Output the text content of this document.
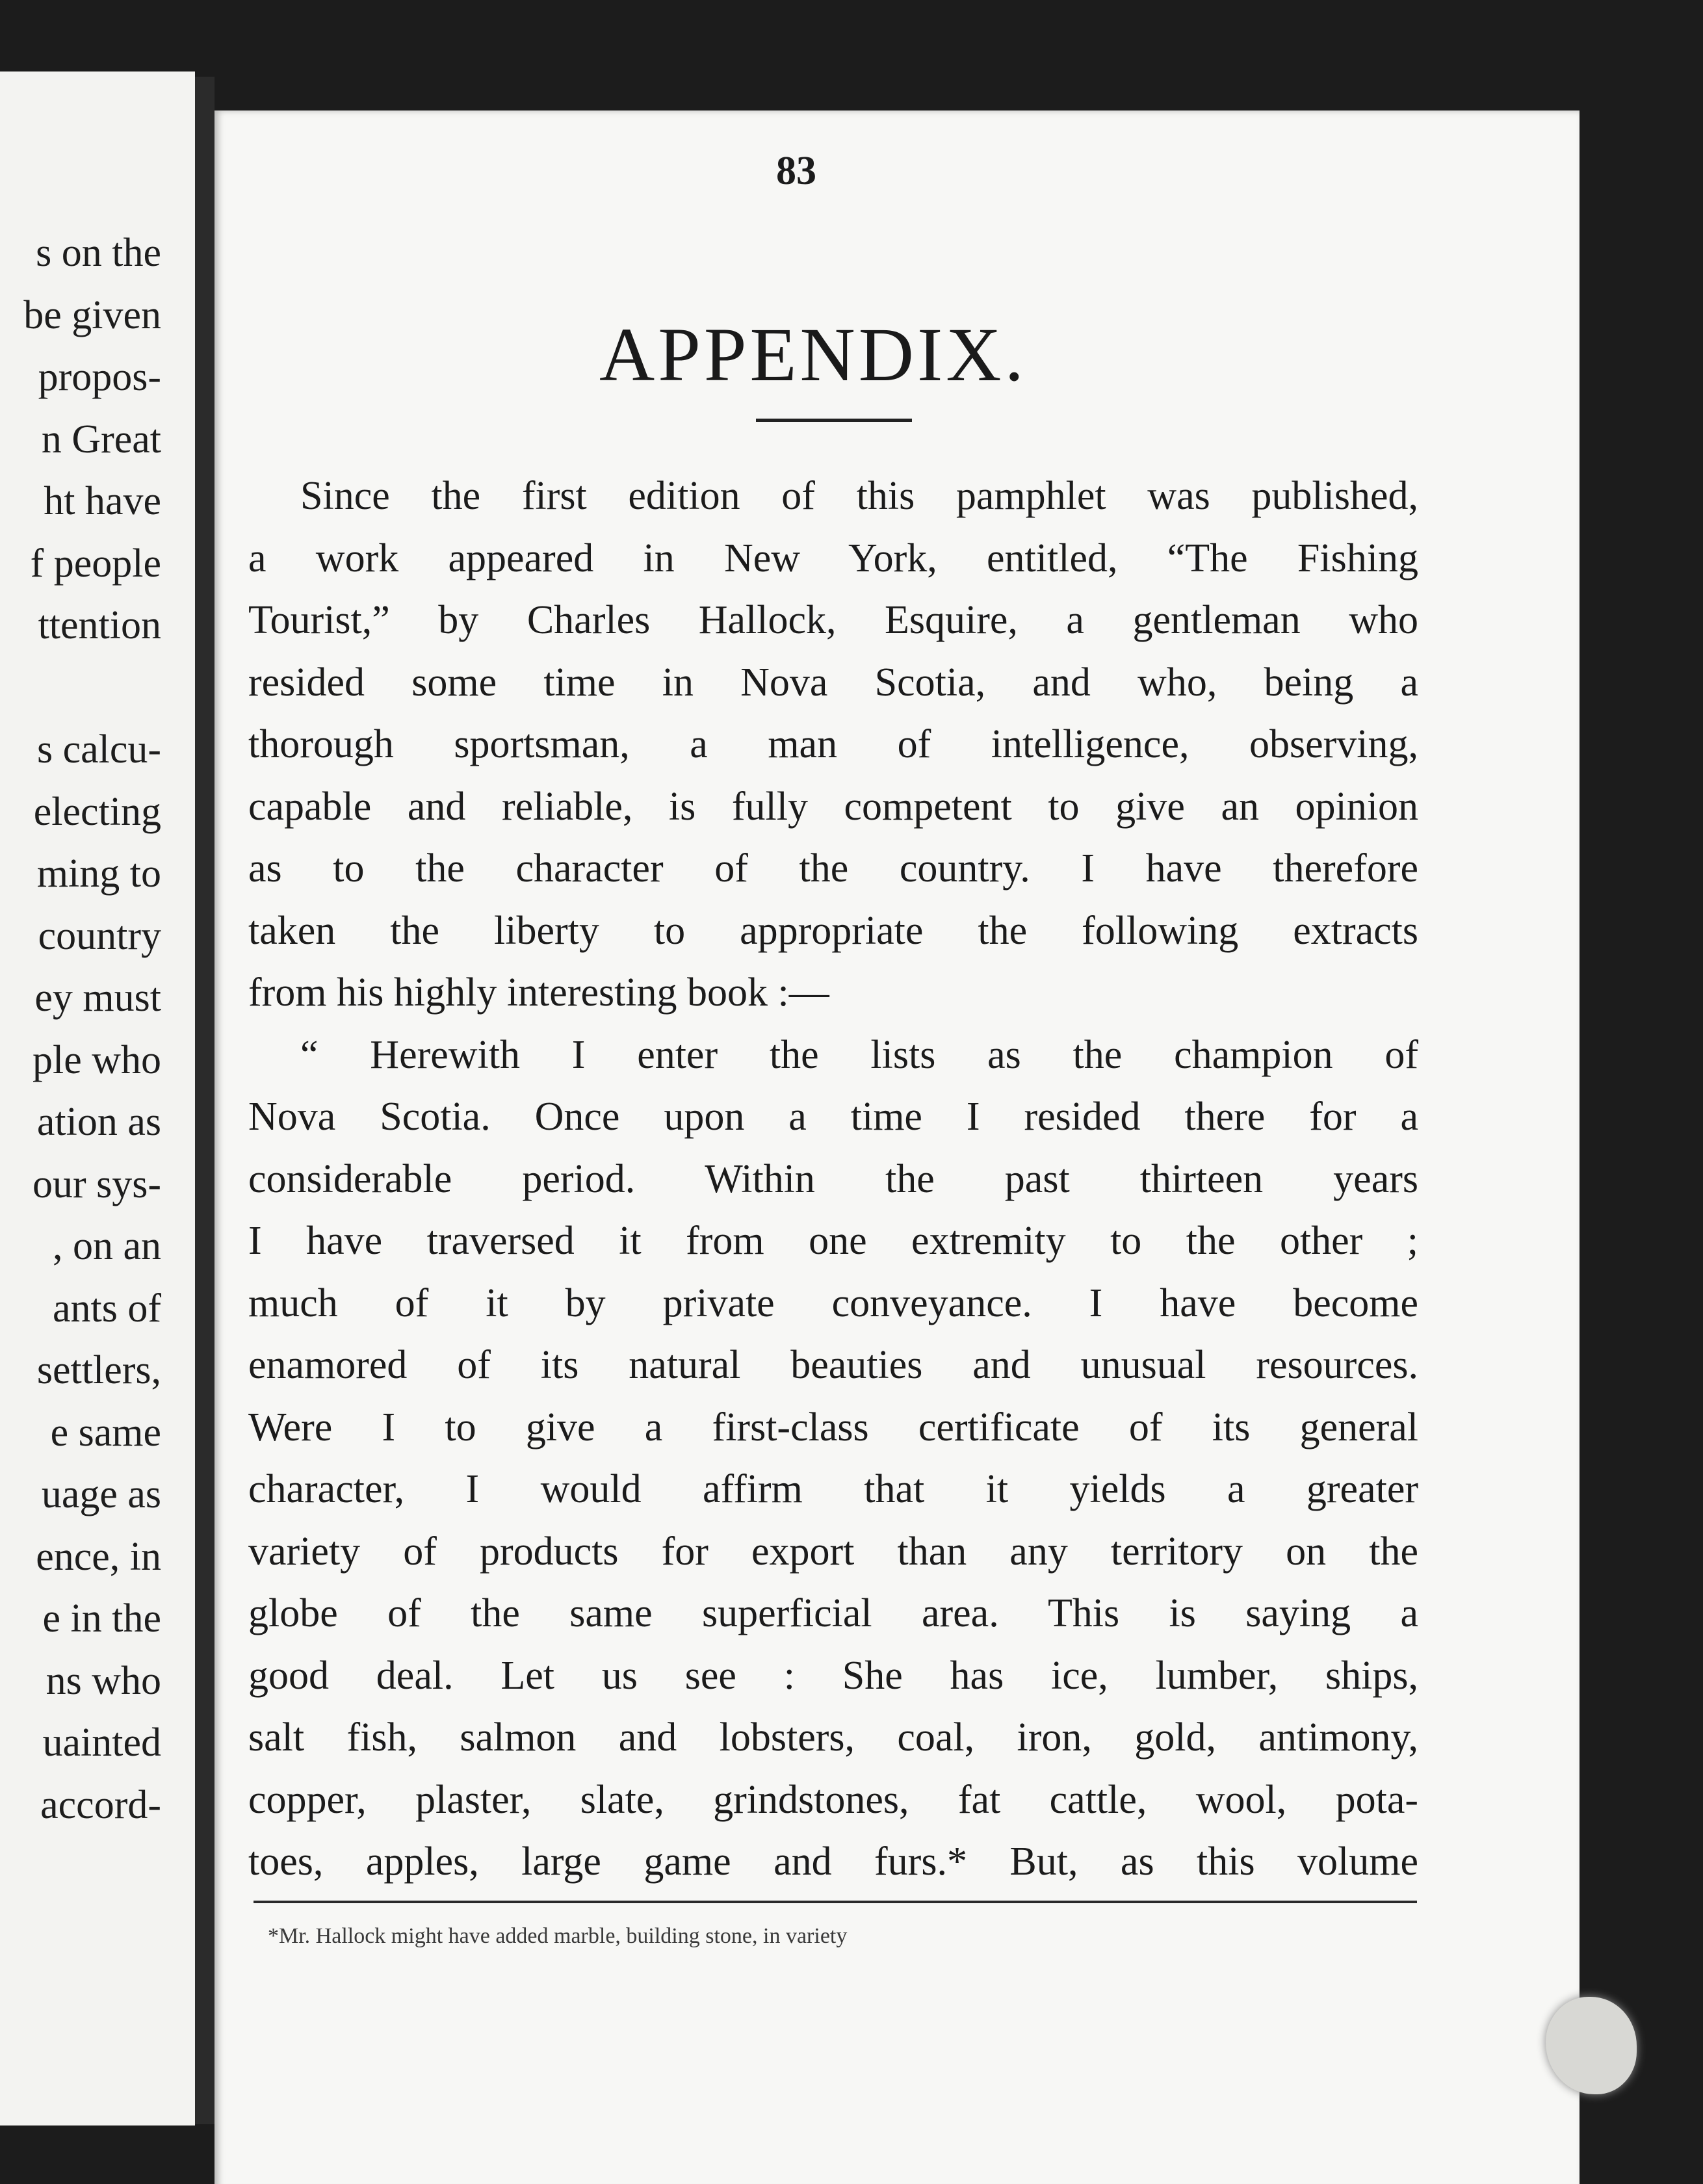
s on the
be given
propos-
n Great
ht have
f people
ttention

s calcu-
electing
ming to
country
ey must
ple who
ation as
our sys-
, on an
ants of
settlers,
e same
uage as
ence, in
e in the
ns who
uainted
accord-
83
APPENDIX.
Since the first edition of this pamphlet was published,
a work appeared in New York, entitled, “The Fishing
Tourist,” by Charles Hallock, Esquire, a gentleman who
resided some time in Nova Scotia, and who, being a
thorough sportsman, a man of intelligence, observing,
capable and reliable, is fully competent to give an opinion
as to the character of the country. I have therefore
taken the liberty to appropriate the following extracts
from his highly interesting book :—
“ Herewith I enter the lists as the champion of
Nova Scotia. Once upon a time I resided there for a
considerable period. Within the past thirteen years
I have traversed it from one extremity to the other ;
much of it by private conveyance. I have become
enamored of its natural beauties and unusual resources.
Were I to give a first-class certificate of its general
character, I would affirm that it yields a greater
variety of products for export than any territory on the
globe of the same superficial area. This is saying a
good deal. Let us see : She has ice, lumber, ships,
salt fish, salmon and lobsters, coal, iron, gold, antimony,
copper, plaster, slate, grindstones, fat cattle, wool, pota-
toes, apples, large game and furs.* But, as this volume
*Mr. Hallock might have added marble, building stone, in variety
